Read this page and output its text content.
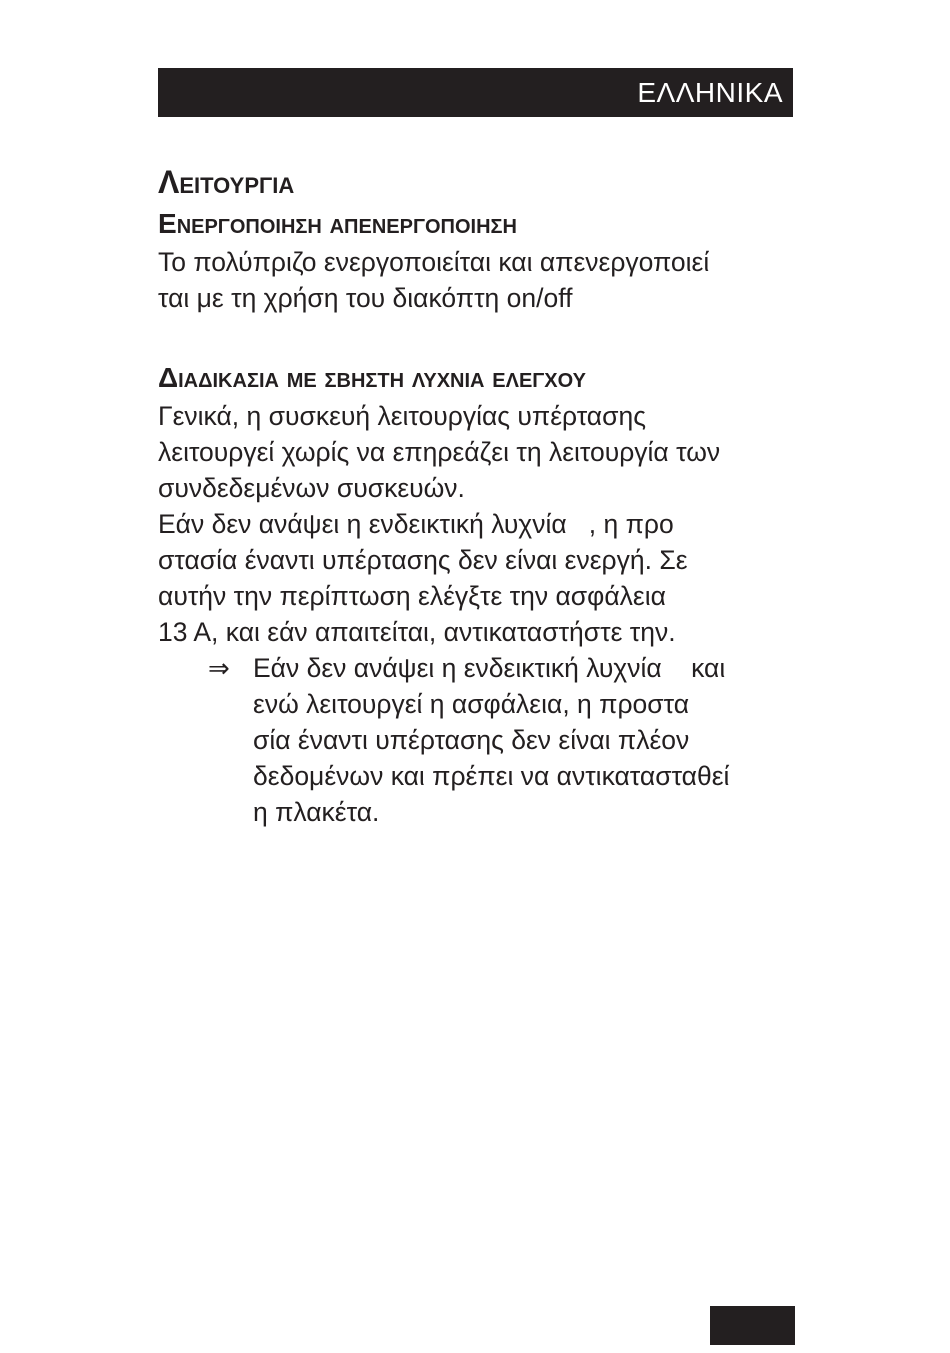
ΕΛΛΗΝΙΚΑ
Λειτουργια
Ενεργοποιηση απενεργοποιηση

Το πολύπριζο ενεργοποιείται και απενεργοποιεί

ται με τη χρήση του διακόπτη on/off

Διαδικασια με σβηστη λυχνια ελεγχου

Γενικά, η συσκευή λειτουργίας υπέρτασης

λειτουργεί χωρίς να επηρεάζει τη λειτουργία των

συνδεδεμένων συσκευών.

Εάν δεν ανάψει η ενδεικτική λυχνία   , η προ

στασία έναντι υπέρτασης δεν είναι ενεργή. Σε

αυτήν την περίπτωση ελέγξτε την ασφάλεια

13 A, και εάν απαιτείται, αντικαταστήστε την.

⇒ Εάν δεν ανάψει η ενδεικτική λυχνία    και

ενώ λειτουργεί η ασφάλεια, η προστα

σία έναντι υπέρτασης δεν είναι πλέον

δεδομένων και πρέπει να αντικατασταθεί

η πλακέτα.
